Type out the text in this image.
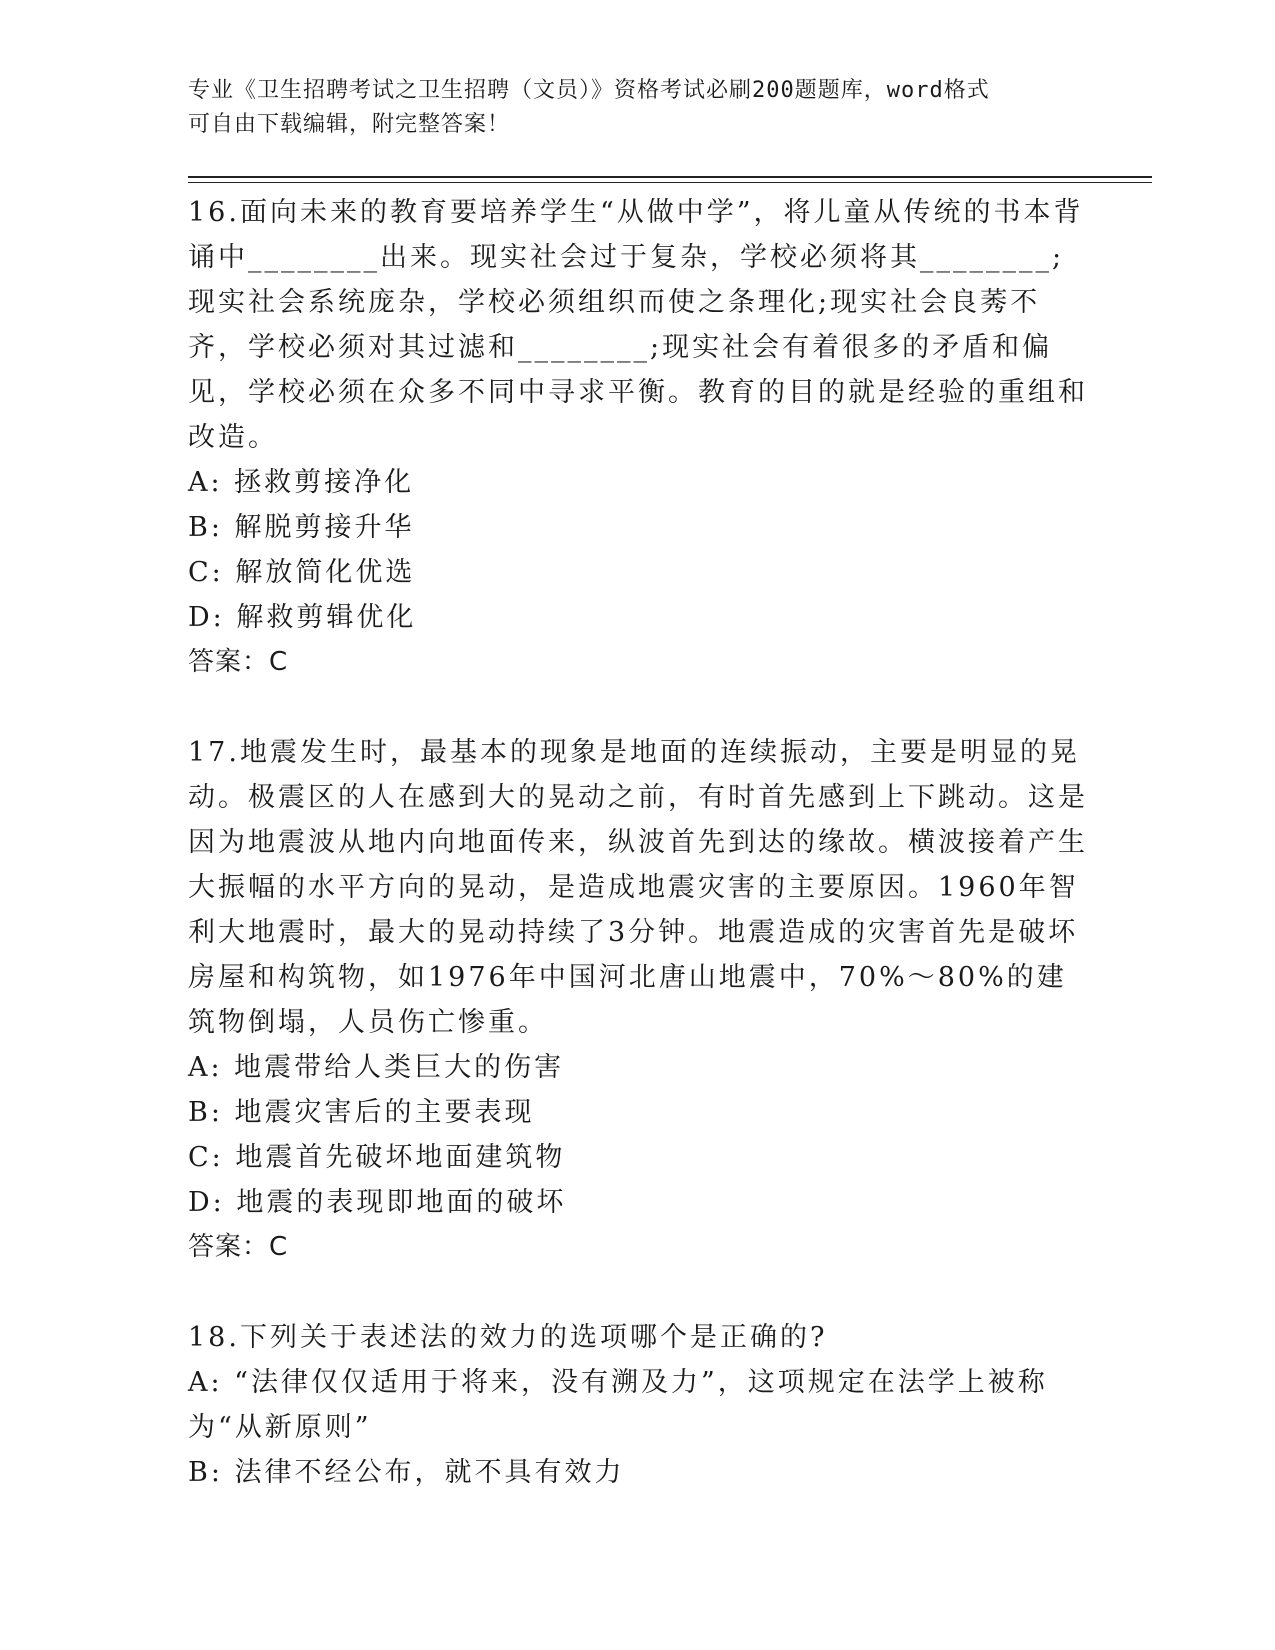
专业《卫生招聘考试之卫生招聘（文员）》资格考试必刷200题题库，word格式
可自由下载编辑，附完整答案！

16.面向未来的教育要培养学生“从做中学”，将儿童从传统的书本背诵中________出来。现实社会过于复杂，学校必须将其________;现实社会系统庞杂，学校必须组织而使之条理化;现实社会良莠不齐，学校必须对其过滤和________;现实社会有着很多的矛盾和偏见，学校必须在众多不同中寻求平衡。教育的目的就是经验的重组和改造。

A: 拯救剪接净化

B: 解脱剪接升华

C: 解放简化优选

D: 解救剪辑优化

答案：C

17.地震发生时，最基本的现象是地面的连续振动，主要是明显的晃动。极震区的人在感到大的晃动之前，有时首先感到上下跳动。这是因为地震波从地内向地面传来，纵波首先到达的缘故。横波接着产生大振幅的水平方向的晃动，是造成地震灾害的主要原因。1960年智利大地震时，最大的晃动持续了3分钟。地震造成的灾害首先是破坏房屋和构筑物，如1976年中国河北唐山地震中，70%～80%的建筑物倒塌，人员伤亡惨重。

A: 地震带给人类巨大的伤害

B: 地震灾害后的主要表现

C: 地震首先破坏地面建筑物

D: 地震的表现即地面的破坏

答案：C

18.下列关于表述法的效力的选项哪个是正确的?

A: “法律仅仅适用于将来，没有溯及力”，这项规定在法学上被称为“从新原则”

B: 法律不经公布，就不具有效力
